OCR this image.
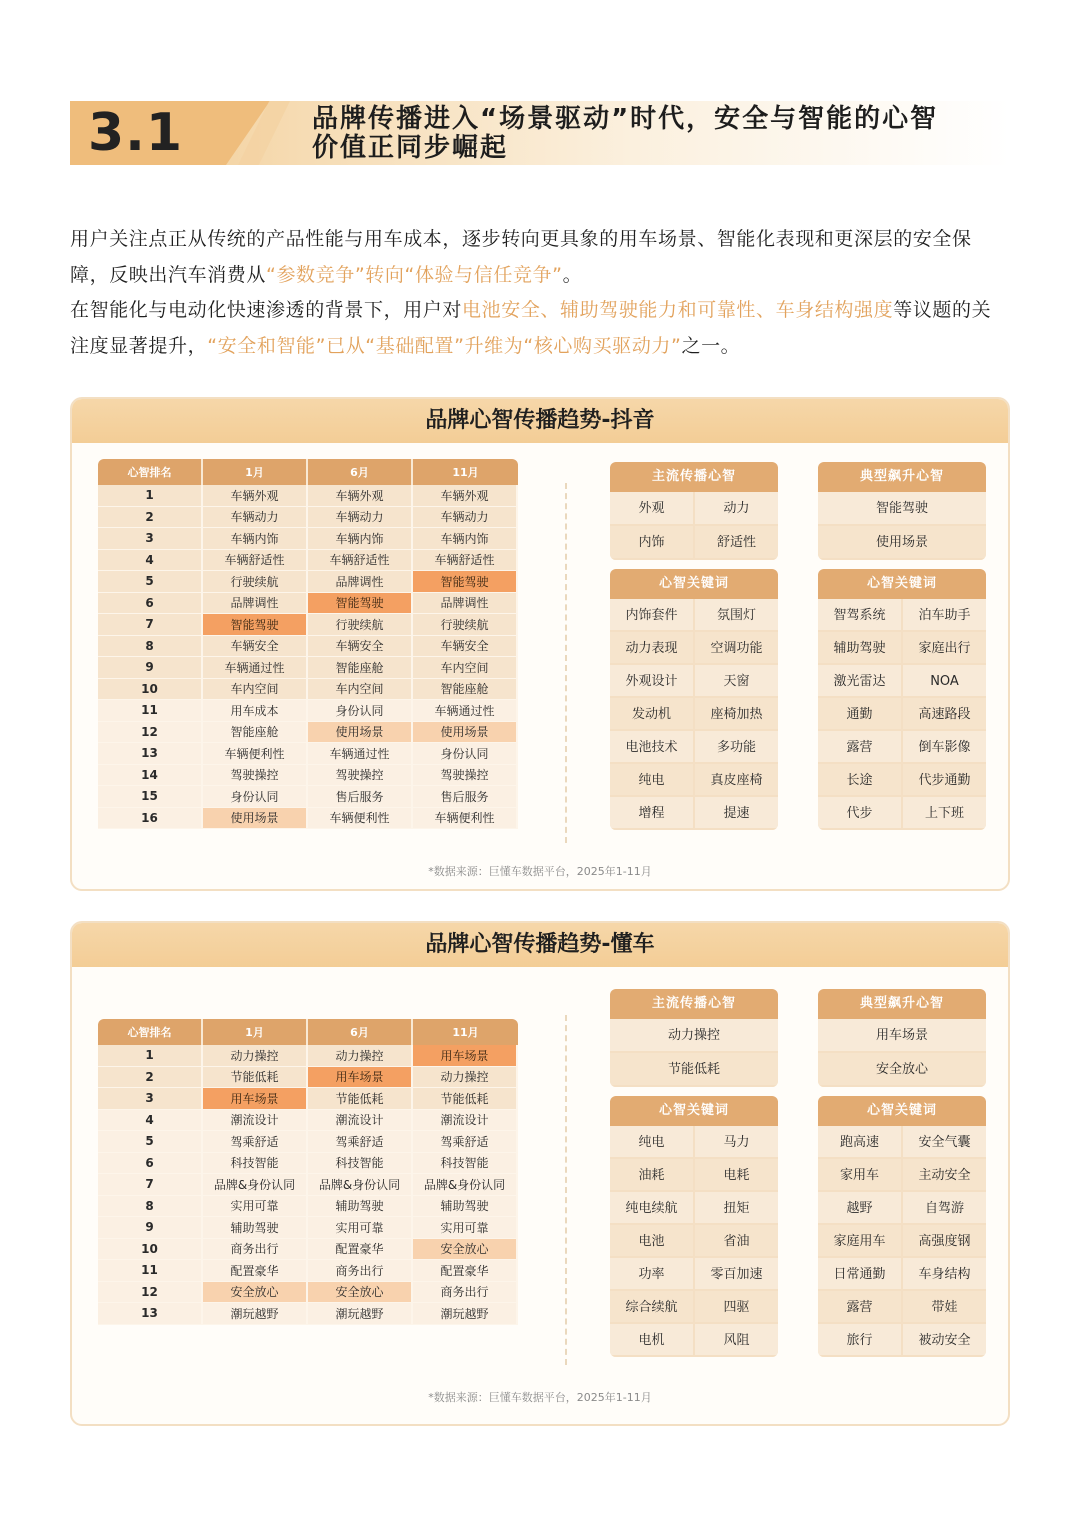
3.1	品牌传播进入“场景驱动”时代，安全与智能的心智
价值正同步崛起
用户关注点正从传统的产品性能与用车成本，逐步转向更具象的用车场景、智能化表现和更深层的安全保障，反映出汽车消费从“参数竞争”转向“体验与信任竞争”。
在智能化与电动化快速渗透的背景下，用户对电池安全、辅助驾驶能力和可靠性、车身结构强度等议题的关注度显著提升，“安全和智能”已从“基础配置”升维为“核心购买驱动力”之一。
品牌心智传播趋势-抖音
心智排名	1月	6月	11月
1	车辆外观	车辆外观	车辆外观
2	车辆动力	车辆动力	车辆动力
3	车辆内饰	车辆内饰	车辆内饰
4	车辆舒适性	车辆舒适性	车辆舒适性
5	行驶续航	品牌调性	智能驾驶
6	品牌调性	智能驾驶	品牌调性
7	智能驾驶	行驶续航	行驶续航
8	车辆安全	车辆安全	车辆安全
9	车辆通过性	智能座舱	车内空间
10	车内空间	车内空间	智能座舱
11	用车成本	身份认同	车辆通过性
12	智能座舱	使用场景	使用场景
13	车辆便利性	车辆通过性	身份认同
14	驾驶操控	驾驶操控	驾驶操控
15	身份认同	售后服务	售后服务
16	使用场景	车辆便利性	车辆便利性
主流传播心智
外观	动力
内饰	舒适性
典型飙升心智
智能驾驶
使用场景
心智关键词
内饰套件	氛围灯
动力表现	空调功能
外观设计	天窗
发动机	座椅加热
电池技术	多功能
纯电	真皮座椅
增程	提速
心智关键词
智驾系统	泊车助手
辅助驾驶	家庭出行
激光雷达	NOA
通勤	高速路段
露营	倒车影像
长途	代步通勤
代步	上下班
*数据来源：巨懂车数据平台，2025年1-11月
品牌心智传播趋势-懂车
心智排名	1月	6月	11月
1	动力操控	动力操控	用车场景
2	节能低耗	用车场景	动力操控
3	用车场景	节能低耗	节能低耗
4	潮流设计	潮流设计	潮流设计
5	驾乘舒适	驾乘舒适	驾乘舒适
6	科技智能	科技智能	科技智能
7	品牌&身份认同	品牌&身份认同	品牌&身份认同
8	实用可靠	辅助驾驶	辅助驾驶
9	辅助驾驶	实用可靠	实用可靠
10	商务出行	配置豪华	安全放心
11	配置豪华	商务出行	配置豪华
12	安全放心	安全放心	商务出行
13	潮玩越野	潮玩越野	潮玩越野
主流传播心智
动力操控
节能低耗
典型飙升心智
用车场景
安全放心
心智关键词
纯电	马力
油耗	电耗
纯电续航	扭矩
电池	省油
功率	零百加速
综合续航	四驱
电机	风阻
心智关键词
跑高速	安全气囊
家用车	主动安全
越野	自驾游
家庭用车	高强度钢
日常通勤	车身结构
露营	带娃
旅行	被动安全
*数据来源：巨懂车数据平台，2025年1-11月
